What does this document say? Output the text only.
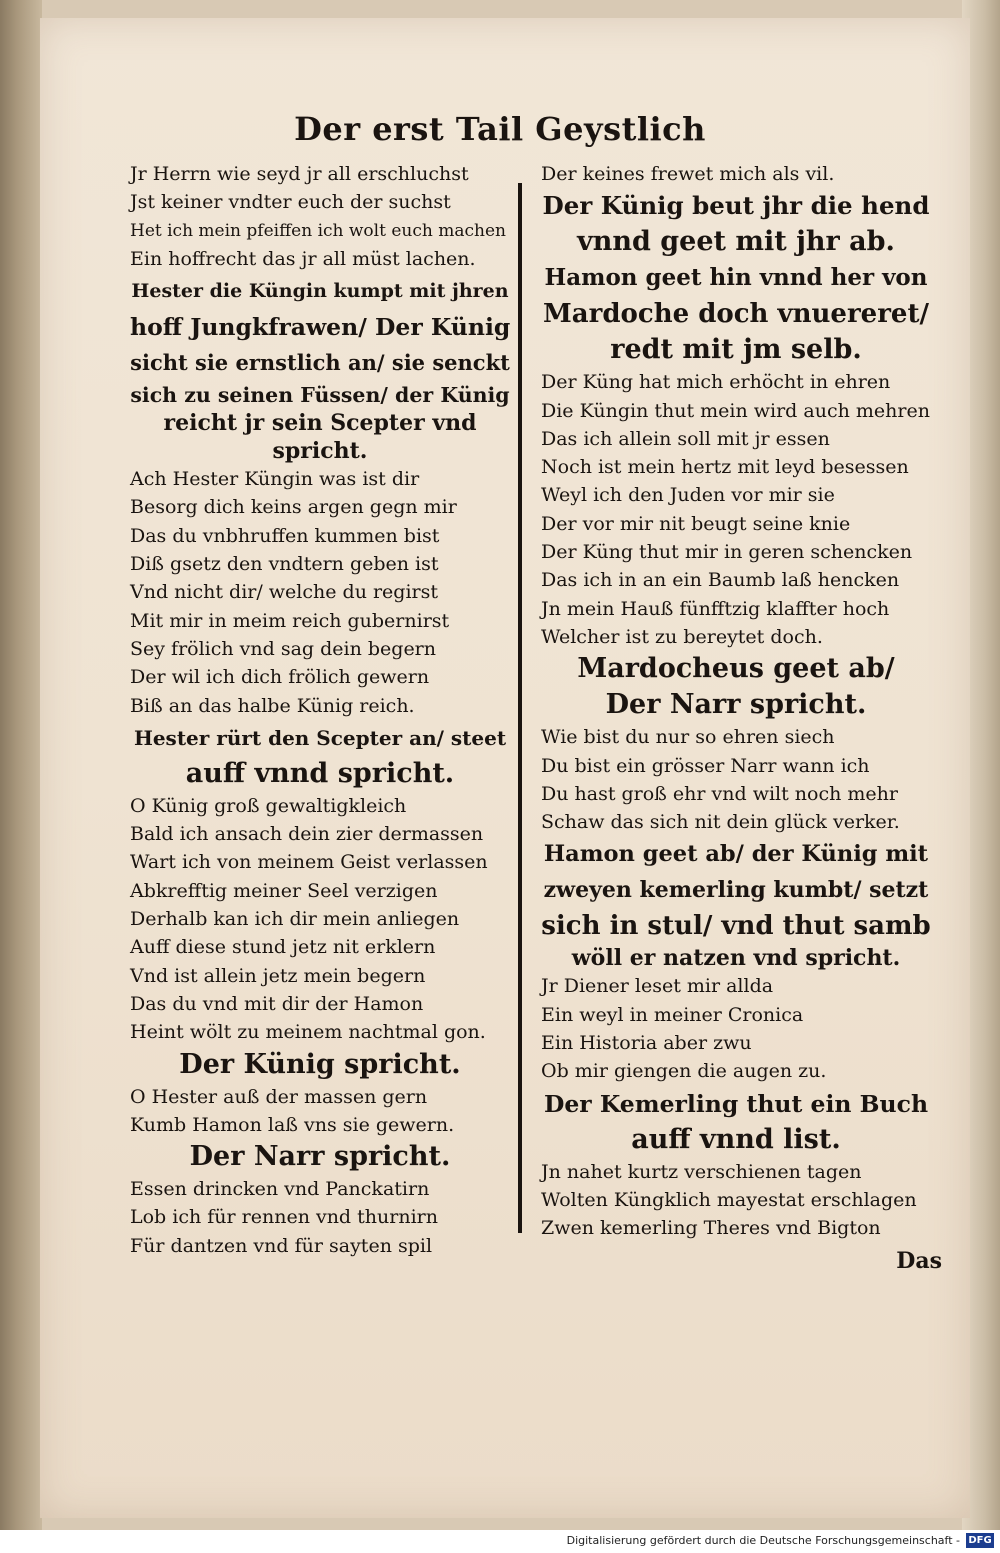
Der erst Tail Geystlich
Jr Herrn wie seyd jr all erschluchst
Jst keiner vndter euch der suchst
Het ich mein pfeiffen ich wolt euch machen
Ein hoffrecht das jr all müst lachen.
Hester die Küngin kumpt mit jhren
hoff Jungkfrawen/ Der Künig
sicht sie ernstlich an/ sie senckt
sich zu seinen Füssen/ der Künig
reicht jr sein Scepter vnd
spricht.
Ach Hester Küngin was ist dir
Besorg dich keins argen gegn mir
Das du vnbhruffen kummen bist
Diß gsetz den vndtern geben ist
Vnd nicht dir/ welche du regirst
Mit mir in meim reich gubernirst
Sey frölich vnd sag dein begern
Der wil ich dich frölich gewern
Biß an das halbe Künig reich.
Hester rürt den Scepter an/ steet
auff vnnd spricht.
O Künig groß gewaltigkleich
Bald ich ansach dein zier dermassen
Wart ich von meinem Geist verlassen
Abkrefftig meiner Seel verzigen
Derhalb kan ich dir mein anliegen
Auff diese stund jetz nit erklern
Vnd ist allein jetz mein begern
Das du vnd mit dir der Hamon
Heint wölt zu meinem nachtmal gon.
Der Künig spricht.
O Hester auß der massen gern
Kumb Hamon laß vns sie gewern.
Der Narr spricht.
Essen drincken vnd Panckatirn
Lob ich für rennen vnd thurnirn
Für dantzen vnd für sayten spil
Der keines frewet mich als vil.
Der Künig beut jhr die hend
vnnd geet mit jhr ab.
Hamon geet hin vnnd her von
Mardoche doch vnuereret/
redt mit jm selb.
Der Küng hat mich erhöcht in ehren
Die Küngin thut mein wird auch mehren
Das ich allein soll mit jr essen
Noch ist mein hertz mit leyd besessen
Weyl ich den Juden vor mir sie
Der vor mir nit beugt seine knie
Der Küng thut mir in geren schencken
Das ich in an ein Baumb laß hencken
Jn mein Hauß fünfftzig klaffter hoch
Welcher ist zu bereytet doch.
Mardocheus geet ab/
Der Narr spricht.
Wie bist du nur so ehren siech
Du bist ein grösser Narr wann ich
Du hast groß ehr vnd wilt noch mehr
Schaw das sich nit dein glück verker.
Hamon geet ab/ der Künig mit
zweyen kemerling kumbt/ setzt
sich in stul/ vnd thut samb
wöll er natzen vnd spricht.
Jr Diener leset mir allda
Ein weyl in meiner Cronica
Ein Historia aber zwu
Ob mir giengen die augen zu.
Der Kemerling thut ein Buch
auff vnnd list.
Jn nahet kurtz verschienen tagen
Wolten Küngklich mayestat erschlagen
Zwen kemerling Theres vnd Bigton
Das
Digitalisierung gefördert durch die Deutsche Forschungsgemeinschaft - DFG
